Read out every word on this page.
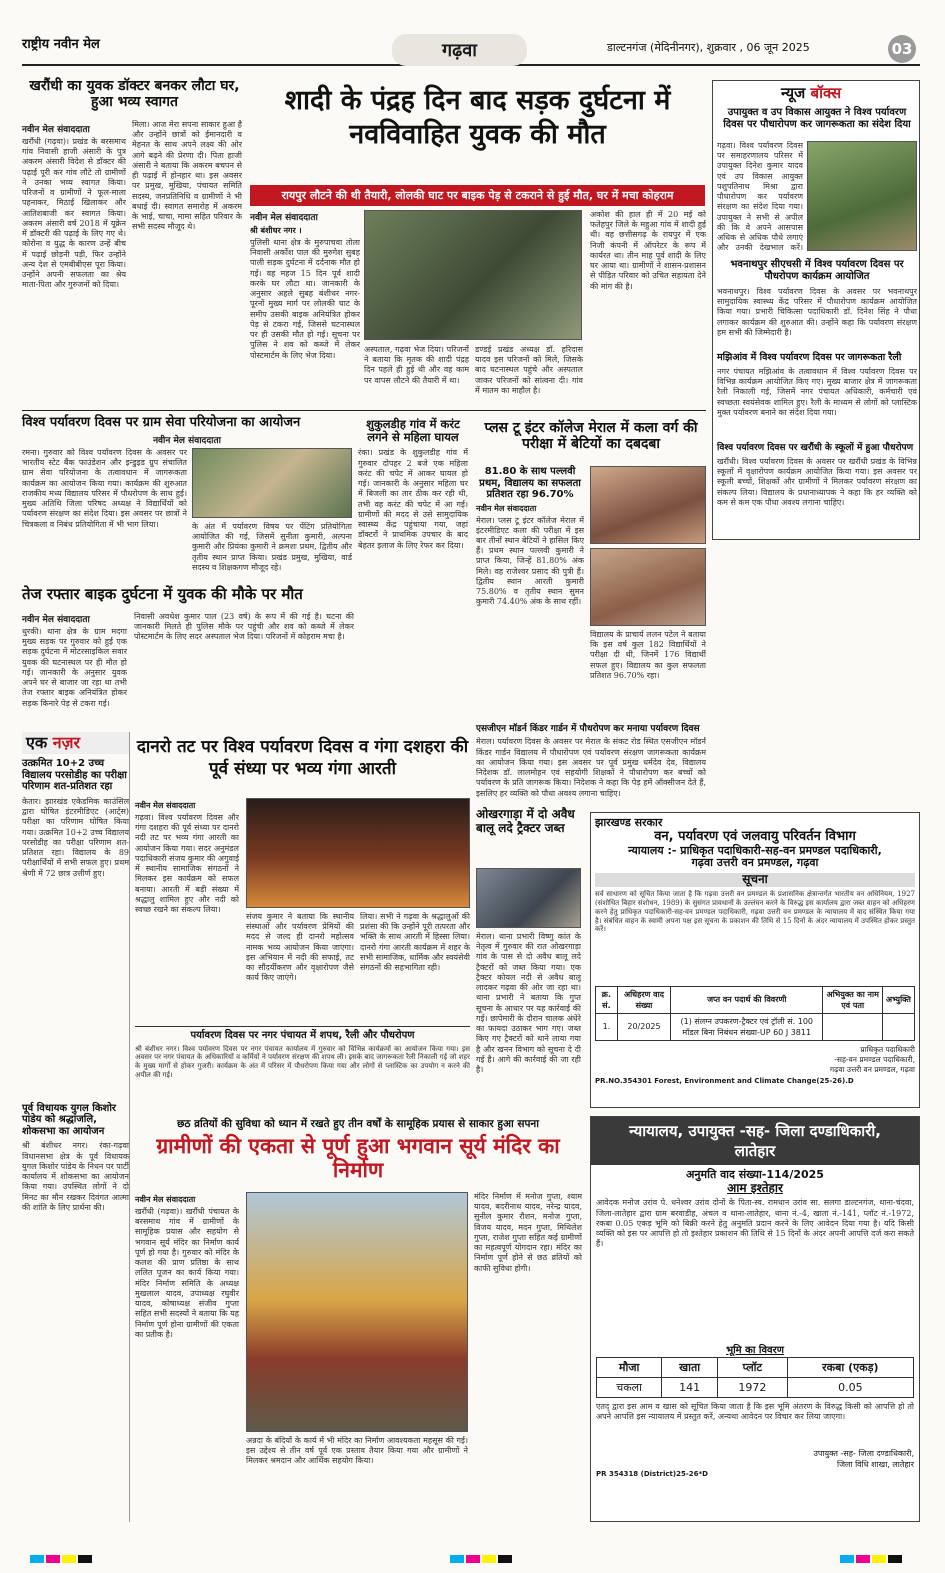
राष्ट्रीय नवीन मेल	गढ़वा	डाल्टनगंज (मेदिनीनगर), शुक्रवार , 06 जून 2025	03
खरौंधी का युवक डॉक्टर बनकर लौटा घर, हुआ भव्य स्वागत
नवीन मेल संवाददाता
खरौंधी (गढ़वा)। प्रखंड के बरसमाथ गांव निवासी हाजी अंसारी के पुत्र अकरम अंसारी विदेश से डॉक्टर की पढ़ाई पूरी कर गांव लौटे तो ग्रामीणों ने उनका भव्य स्वागत किया। परिजनों व ग्रामीणों ने फूल-माला पहनाकर, मिठाई खिलाकर और आतिशबाजी कर स्वागत किया। अकरम अंसारी वर्ष 2018 में यूक्रेन में डॉक्टरी की पढ़ाई के लिए गए थे। कोरोना व युद्ध के कारण उन्हें बीच में पढ़ाई छोड़नी पड़ी, फिर उन्होंने अन्य देश से एमबीबीएस पूरा किया। उन्होंने अपनी सफलता का श्रेय माता-पिता और गुरुजनों को दिया।
मिला। आज मेरा सपना साकार हुआ है और उन्होंने छात्रों को ईमानदारी व मेहनत के साथ अपने लक्ष्य की ओर आगे बढ़ने की प्रेरणा दी। पिता हाजी अंसारी ने बताया कि अकरम बचपन से ही पढ़ाई में होनहार था। इस अवसर पर प्रमुख, मुखिया, पंचायत समिति सदस्य, जनप्रतिनिधि व ग्रामीणों ने भी बधाई दी। स्वागत समारोह में अकरम के भाई, चाचा, मामा सहित परिवार के सभी सदस्य मौजूद थे।
शादी के पंद्रह दिन बाद सड़क दुर्घटना में नवविवाहित युवक की मौत
रायपुर लौटने की थी तैयारी, लोलकी घाट पर बाइक पेड़ से टकराने से हुई मौत, घर में मचा कोहराम
नवीन मेल संवाददाता
श्री बंशीधर नगर ।
पुलिसी थाना क्षेत्र के मुरुपाचवा तोला निवासी अर्कोश पाल की मुरुगेश सुबह पाली सड़क दुर्घटना में दर्दनाक मौत हो गई। वह महज 15 दिन पूर्व शादी करके घर लौटा था। जानकारी के अनुसार अहले सुबह बंशीधर नगर-पूरनों मुख्य मार्ग पर लोलकी घाट के समीप उसकी बाइक अनियंत्रित होकर पेड़ से टकरा गई, जिससे घटनास्थल पर ही उसकी मौत हो गई। सूचना पर पुलिस ने शव को कब्जे में लेकर पोस्टमार्टम के लिए भेज दिया।
अस्पताल, गढ़वा भेज दिया। परिजनों ने बताया कि मृतक की शादी पंद्रह दिन पहले ही हुई थी और वह काम पर वापस लौटने की तैयारी में था।
डण्डई प्रखंड अध्यक्ष डॉ. हरिदास यादव इस परिजनों को मिले, जिसके बाद घटनास्थल पहुंचे और अस्पताल जाकर परिजनों को सांत्वना दी। गांव में मातम का माहौल है।
अकोश की हाल ही में 20 मई को फतेहपुर जिले के महुआ गांव में शादी हुई थी। वह छत्तीसगढ़ के रायपुर में एक निजी कंपनी में ऑपरेटर के रूप में कार्यरत था। तीन माह पूर्व शादी के लिए घर आया था। ग्रामीणों ने शासन-प्रशासन से पीड़ित परिवार को उचित सहायता देने की मांग की है।
न्यूज बॉक्स
उपायुक्त व उप विकास आयुक्त ने विश्व पर्यावरण दिवस पर पौधारोपण कर जागरूकता का संदेश दिया
गढ़वा। विश्व पर्यावरण दिवस पर समाहरणालय परिसर में उपायुक्त दिनेश कुमार यादव एवं उप विकास आयुक्त पशुपतिनाथ मिश्रा द्वारा पौधारोपण कर पर्यावरण संरक्षण का संदेश दिया गया। उपायुक्त ने सभी से अपील की कि वे अपने आसपास अधिक से अधिक पौधे लगाएं और उनकी देखभाल करें।
भवनाथपुर सीएचसी में विश्व पर्यावरण दिवस पर पौधरोपण कार्यक्रम आयोजित
भवनाथपुर। विश्व पर्यावरण दिवस के अवसर पर भवनाथपुर सामुदायिक स्वास्थ्य केंद्र परिसर में पौधारोपण कार्यक्रम आयोजित किया गया। प्रभारी चिकित्सा पदाधिकारी डॉ. दिनेश सिंह ने पौधा लगाकर कार्यक्रम की शुरुआत की। उन्होंने कहा कि पर्यावरण संरक्षण हम सभी की जिम्मेदारी है।
मझिआंव में विश्व पर्यावरण दिवस पर जागरूकता रैली
नगर पंचायत मझिआंव के तत्वावधान में विश्व पर्यावरण दिवस पर विभिन्न कार्यक्रम आयोजित किए गए। मुख्य बाजार क्षेत्र में जागरूकता रैली निकाली गई, जिसमें नगर पंचायत अधिकारी, कर्मचारी एवं स्वच्छता स्वयंसेवक शामिल हुए। रैली के माध्यम से लोगों को प्लास्टिक मुक्त पर्यावरण बनाने का संदेश दिया गया।
विश्व पर्यावरण दिवस पर खरौंधी के स्कूलों में हुआ पौधरोपण
खरौंधी। विश्व पर्यावरण दिवस के अवसर पर खरौंधी प्रखंड के विभिन्न स्कूलों में वृक्षारोपण कार्यक्रम आयोजित किया गया। इस अवसर पर स्कूली बच्चों, शिक्षकों और ग्रामीणों ने मिलकर पर्यावरण संरक्षण का संकल्प लिया। विद्यालय के प्रधानाध्यापक ने कहा कि हर व्यक्ति को कम से कम एक पौधा अवश्य लगाना चाहिए।
विश्व पर्यावरण दिवस पर ग्राम सेवा परियोजना का आयोजन
नवीन मेल संवाददाता
रमना। गुरुवार को विश्व पर्यावरण दिवस के अवसर पर भारतीय स्टेट बैंक फाउंडेशन और इन्डुइड ग्रुप संचालित ग्राम सेवा परियोजना के तत्वावधान में जागरूकता कार्यक्रम का आयोजन किया गया। कार्यक्रम की शुरुआत राजकीय मध्य विद्यालय परिसर में पौधरोपण के साथ हुई। मुख्य अतिथि जिला परिषद अध्यक्ष ने विद्यार्थियों को पर्यावरण संरक्षण का संदेश दिया। इस अवसर पर छात्रों ने चित्रकला व निबंध प्रतियोगिता में भी भाग लिया।	के अंत में पर्यावरण विषय पर पेंटिंग प्रतियोगिता आयोजित की गई, जिसमें सुनीता कुमारी, अल्पना कुमारी और प्रियंका कुमारी ने क्रमशः प्रथम, द्वितीय और तृतीय स्थान प्राप्त किया। प्रखंड प्रमुख, मुखिया, वार्ड सदस्य व शिक्षकगण मौजूद रहे।
शुकुलडीह गांव में करंट लगने से महिला घायल
रंका। प्रखंड के शुकुलडीह गांव में गुरुवार दोपहर 2 बजे एक महिला करंट की चपेट में आकर घायल हो गई। जानकारी के अनुसार महिला घर में बिजली का तार ठीक कर रही थी, तभी वह करंट की चपेट में आ गई। ग्रामीणों की मदद से उसे सामुदायिक स्वास्थ्य केंद्र पहुंचाया गया, जहां डॉक्टरों ने प्राथमिक उपचार के बाद बेहतर इलाज के लिए रेफर कर दिया।
प्लस टू इंटर कॉलेज मेराल में कला वर्ग की परीक्षा में बेटियों का दबदबा
81.80 के साथ पल्लवी प्रथम, विद्यालय का सफलता प्रतिशत रहा 96.70%
नवीन मेल संवाददाता
मेराल। प्लस टू इंटर कॉलेज मेराल में इंटरमीडिएट कला की परीक्षा में इस बार तीनों स्थान बेटियों ने हासिल किए हैं। प्रथम स्थान पल्लवी कुमारी ने प्राप्त किया, जिन्हें 81.80% अंक मिले। वह राजेश्वर प्रसाद की पुत्री हैं। द्वितीय स्थान आरती कुमारी 75.80% व तृतीय स्थान सुमन कुमारी 74.40% अंक के साथ रहीं।
विद्यालय के प्राचार्य ललन पटेल ने बताया कि इस वर्ष कुल 182 विद्यार्थियों ने परीक्षा दी थी, जिनमें 176 विद्यार्थी सफल हुए। विद्यालय का कुल सफलता प्रतिशत 96.70% रहा।
तेज रफ्तार बाइक दुर्घटना में युवक की मौके पर मौत
नवीन मेल संवाददाता
धुरकी। थाना क्षेत्र के ग्राम मदगा मुख्य सड़क पर गुरुवार को हुई एक सड़क दुर्घटना में मोटरसाइकिल सवार युवक की घटनास्थल पर ही मौत हो गई। जानकारी के अनुसार युवक अपने घर से बाजार जा रहा था तभी तेज रफ्तार बाइक अनियंत्रित होकर सड़क किनारे पेड़ से टकरा गई।
निवासी अवधेश कुमार पाल (23 वर्ष) के रूप में की गई है। घटना की जानकारी मिलते ही पुलिस मौके पर पहुंची और शव को कब्जे में लेकर पोस्टमार्टम के लिए सदर अस्पताल भेज दिया। परिजनों में कोहराम मचा है।
एसजीएन मॉडर्न किंडर गार्डन में पौधरोपण कर मनाया पर्यावरण दिवस
मेराल। पर्यावरण दिवस के अवसर पर मेराल के संकट रोड स्थित एसजीएन मॉडर्न किंडर गार्डन विद्यालय में पौधारोपण एवं पर्यावरण संरक्षण जागरूकता कार्यक्रम का आयोजन किया गया। इस अवसर पर पूर्व प्रमुख धर्मदेव देव, विद्यालय निदेशक डॉ. लालमोहन एवं सहयोगी शिक्षकों ने पौधारोपण कर बच्चों को पर्यावरण के प्रति जागरूक किया। निदेशक ने कहा कि पेड़ हमें ऑक्सीजन देते हैं, इसलिए हर व्यक्ति को पौधा अवश्य लगाना चाहिए।
एक नज़र
उत्क्रमित 10+2 उच्च विद्यालय परसोडीह का परीक्षा परिणाम शत-प्रतिशत रहा
केतार। झारखंड एकेडमिक काउंसिल द्वारा घोषित इंटरमीडिएट (आर्ट्स) परीक्षा का परिणाम घोषित किया गया। उत्क्रमित 10+2 उच्च विद्यालय परसोडीह का परीक्षा परिणाम शत-प्रतिशत रहा। विद्यालय के 89 परीक्षार्थियों में सभी सफल हुए। प्रथम श्रेणी में 72 छात्र उत्तीर्ण हुए।
पूर्व विधायक युगल किशोर पांडेय को श्रद्धांजलि, शोकसभा का आयोजन
श्री बंशीधर नगर। रंका-गढ़वा विधानसभा क्षेत्र के पूर्व विधायक युगल किशोर पांडेय के निधन पर पार्टी कार्यालय में शोकसभा का आयोजन किया गया। उपस्थित लोगों ने दो मिनट का मौन रखकर दिवंगत आत्मा की शांति के लिए प्रार्थना की।
दानरो तट पर विश्व पर्यावरण दिवस व गंगा दशहरा की पूर्व संध्या पर भव्य गंगा आरती
नवीन मेल संवाददाता
गढ़वा। विश्व पर्यावरण दिवस और गंगा दशहरा की पूर्व संध्या पर दानरो नदी तट पर भव्य गंगा आरती का आयोजन किया गया। सदर अनुमंडल पदाधिकारी संजय कुमार की अगुवाई में स्थानीय सामाजिक संगठनों ने मिलकर इस कार्यक्रम को सफल बनाया। आरती में बड़ी संख्या में श्रद्धालु शामिल हुए और नदी को स्वच्छ रखने का संकल्प लिया।
संजय कुमार ने बताया कि स्थानीय संस्थाओं और पर्यावरण प्रेमियों की मदद से जल्द ही दानरो महोत्सव नामक भव्य आयोजन किया जाएगा। इस अभियान में नदी की सफाई, तट का सौंदर्यीकरण और वृक्षारोपण जैसे कार्य किए जाएंगे।
लिया। सभी ने गढ़वा के श्रद्धालुओं की प्रशंसा की कि उन्होंने पूरी तत्परता और भक्ति के साथ आरती में हिस्सा लिया। दानरो गंगा आरती कार्यक्रम में शहर के सभी सामाजिक, धार्मिक और स्वयंसेवी संगठनों की सहभागिता रही।
पर्यावरण दिवस पर नगर पंचायत में शपथ, रैली और पौधरोपण
श्री बंशीधर नगर। विश्व पर्यावरण दिवस पर नगर पंचायत कार्यालय में गुरुवार को विभिन्न कार्यक्रमों का आयोजन किया गया। इस अवसर पर नगर पंचायत के अधिकारियों व कर्मियों ने पर्यावरण संरक्षण की शपथ ली। इसके बाद जागरूकता रैली निकाली गई जो शहर के मुख्य मार्गों से होकर गुजरी। कार्यक्रम के अंत में परिसर में पौधरोपण किया गया और लोगों से प्लास्टिक का उपयोग न करने की अपील की गई।
ओखरगाड़ा में दो अवैध बालू लदे ट्रैक्टर जब्त
मेराल। थाना प्रभारी विष्णु कांत के नेतृत्व में गुरुवार की रात ओखरगाड़ा गांव के पास से दो अवैध बालू लदे ट्रैक्टरों को जब्त किया गया। एक ट्रैक्टर कोयल नदी से अवैध बालू लादकर गढ़वा की ओर जा रहा था। थाना प्रभारी ने बताया कि गुप्त सूचना के आधार पर यह कार्रवाई की गई। छापेमारी के दौरान चालक अंधेरे का फायदा उठाकर भाग गए। जब्त किए गए ट्रैक्टरों को थाने लाया गया है और खनन विभाग को सूचना दे दी गई है। आगे की कार्रवाई की जा रही है।
झारखण्ड सरकार
वन, पर्यावरण एवं जलवायु परिवर्तन विभाग
न्यायालय :- प्राधिकृत पदाधिकारी-सह-वन प्रमण्डल पदाधिकारी,
गढ़वा उत्तरी वन प्रमण्डल, गढ़वा
सूचना
सर्व साधारण को सूचित किया जाता है कि गढ़वा उत्तरी वन प्रमण्डल के प्रशासनिक क्षेत्रान्तर्गत भारतीय वन अधिनियम, 1927 (संशोधित बिहार संशोधन, 1989) के सुसंगत प्रावधानों के उल्लंघन करने के विरुद्ध इस कार्यालय द्वारा जब्त वाहन को अधिहरण करने हेतु प्राधिकृत पदाधिकारी-सह-वन प्रमण्डल पदाधिकारी, गढ़वा उत्तरी वन प्रमण्डल के न्यायालय में वाद संस्थित किया गया है। संबंधित वाहन के स्वामी अपना पक्ष इस सूचना के प्रकाशन की तिथि से 15 दिनों के अंदर न्यायालय में उपस्थित होकर प्रस्तुत करें।
क्र. सं.	अधिहरण वाद संख्या	जप्त वन पदार्थ की विवरणी	अभियुक्त का नाम एवं पता	अभ्युक्ति
1.	20/2025	(1) संलग्न उपकरण-ट्रैक्टर एवं ट्रॉली सं. 100 मॉडल बिना निबंधन संख्या-UP 60 J 3811		
प्राधिकृत पदाधिकारी
-सह-वन प्रमण्डल पदाधिकारी,
गढ़वा उत्तरी वन प्रमण्डल, गढ़वा
PR.NO.354301 Forest, Environment and Climate Change(25-26).D
छठ व्रतियों की सुविधा को ध्यान में रखते हुए तीन वर्षों के सामूहिक प्रयास से साकार हुआ सपना
ग्रामीणों की एकता से पूर्ण हुआ भगवान सूर्य मंदिर का निर्माण
नवीन मेल संवाददाता
खरौंधी (गढ़वा)। खरौंधी पंचायत के बरसमाथ गांव में ग्रामीणों के सामूहिक प्रयास और सहयोग से भगवान सूर्य मंदिर का निर्माण कार्य पूर्ण हो गया है। गुरुवार को मंदिर के कलश की प्राण प्रतिष्ठा के साथ ललित पूजन का कार्य किया गया। मंदिर निर्माण समिति के अध्यक्ष मुखलाल यादव, उपाध्यक्ष रघुवीर यादव, कोषाध्यक्ष संजीव गुप्ता सहित सभी सदस्यों ने बताया कि यह निर्माण पूर्ण होना ग्रामीणों की एकता का प्रतीक है।
अन्नदा के बंदियों के कार्य में भी मंदिर का निर्माण आवश्यकता महसूस की गई। इस उद्देश्य से तीन वर्ष पूर्व एक प्रस्ताव तैयार किया गया और ग्रामीणों ने मिलकर श्रमदान और आर्थिक सहयोग किया।
मंदिर निर्माण में मनोज गुप्ता, श्याम यादव, बदरीनाथ यादव, नरेन्द्र यादव, सुनील कुमार रौशन, मनोज गुप्ता, विजय यादव, मदन गुप्ता, मिथिलेश गुप्ता, राजेश गुप्ता सहित कई ग्रामीणों का महत्वपूर्ण योगदान रहा। मंदिर का निर्माण पूर्ण होने से छठ व्रतियों को काफी सुविधा होगी।
न्यायालय, उपायुक्त -सह- जिला दण्डाधिकारी,
लातेहार
अनुमति वाद संख्या-114/2025
आम इश्तेहार
आवेदक मनोज उरांव पे. धनेश्वर उरांव दोनों के पिता-स्व. रामधान उरांव सा. सलगा डाल्टनगंज, थाना-चंदवा, जिला-लातेहार द्वारा ग्राम बरवाडीह, अंचल व थाना-लातेहार, थाना नं.-4, खाता नं.-141, प्लॉट नं.-1972, रकबा 0.05 एकड़ भूमि को बिक्री करने हेतु अनुमति प्रदान करने के लिए आवेदन दिया गया है। यदि किसी व्यक्ति को इस पर आपत्ति हो तो इश्तेहार प्रकाशन की तिथि से 15 दिनों के अंदर अपनी आपत्ति दर्ज करा सकते हैं।
भूमि का विवरण
मौजा	खाता	प्लॉट	रकबा (एकड़)
चकला	141	1972	0.05
एतद् द्वारा इस आम व खास को सूचित किया जाता है कि इस भूमि अंतरण के विरुद्ध किसी को आपत्ति हो तो अपने आपत्ति इस न्यायालय में प्रस्तुत करें, अन्यथा आवेदन पर विचार कर लिया जाएगा।
उपायुक्त -सह- जिला दण्डाधिकारी,
जिला विधि शाखा, लातेहार
PR 354318 (District)25-26*D
